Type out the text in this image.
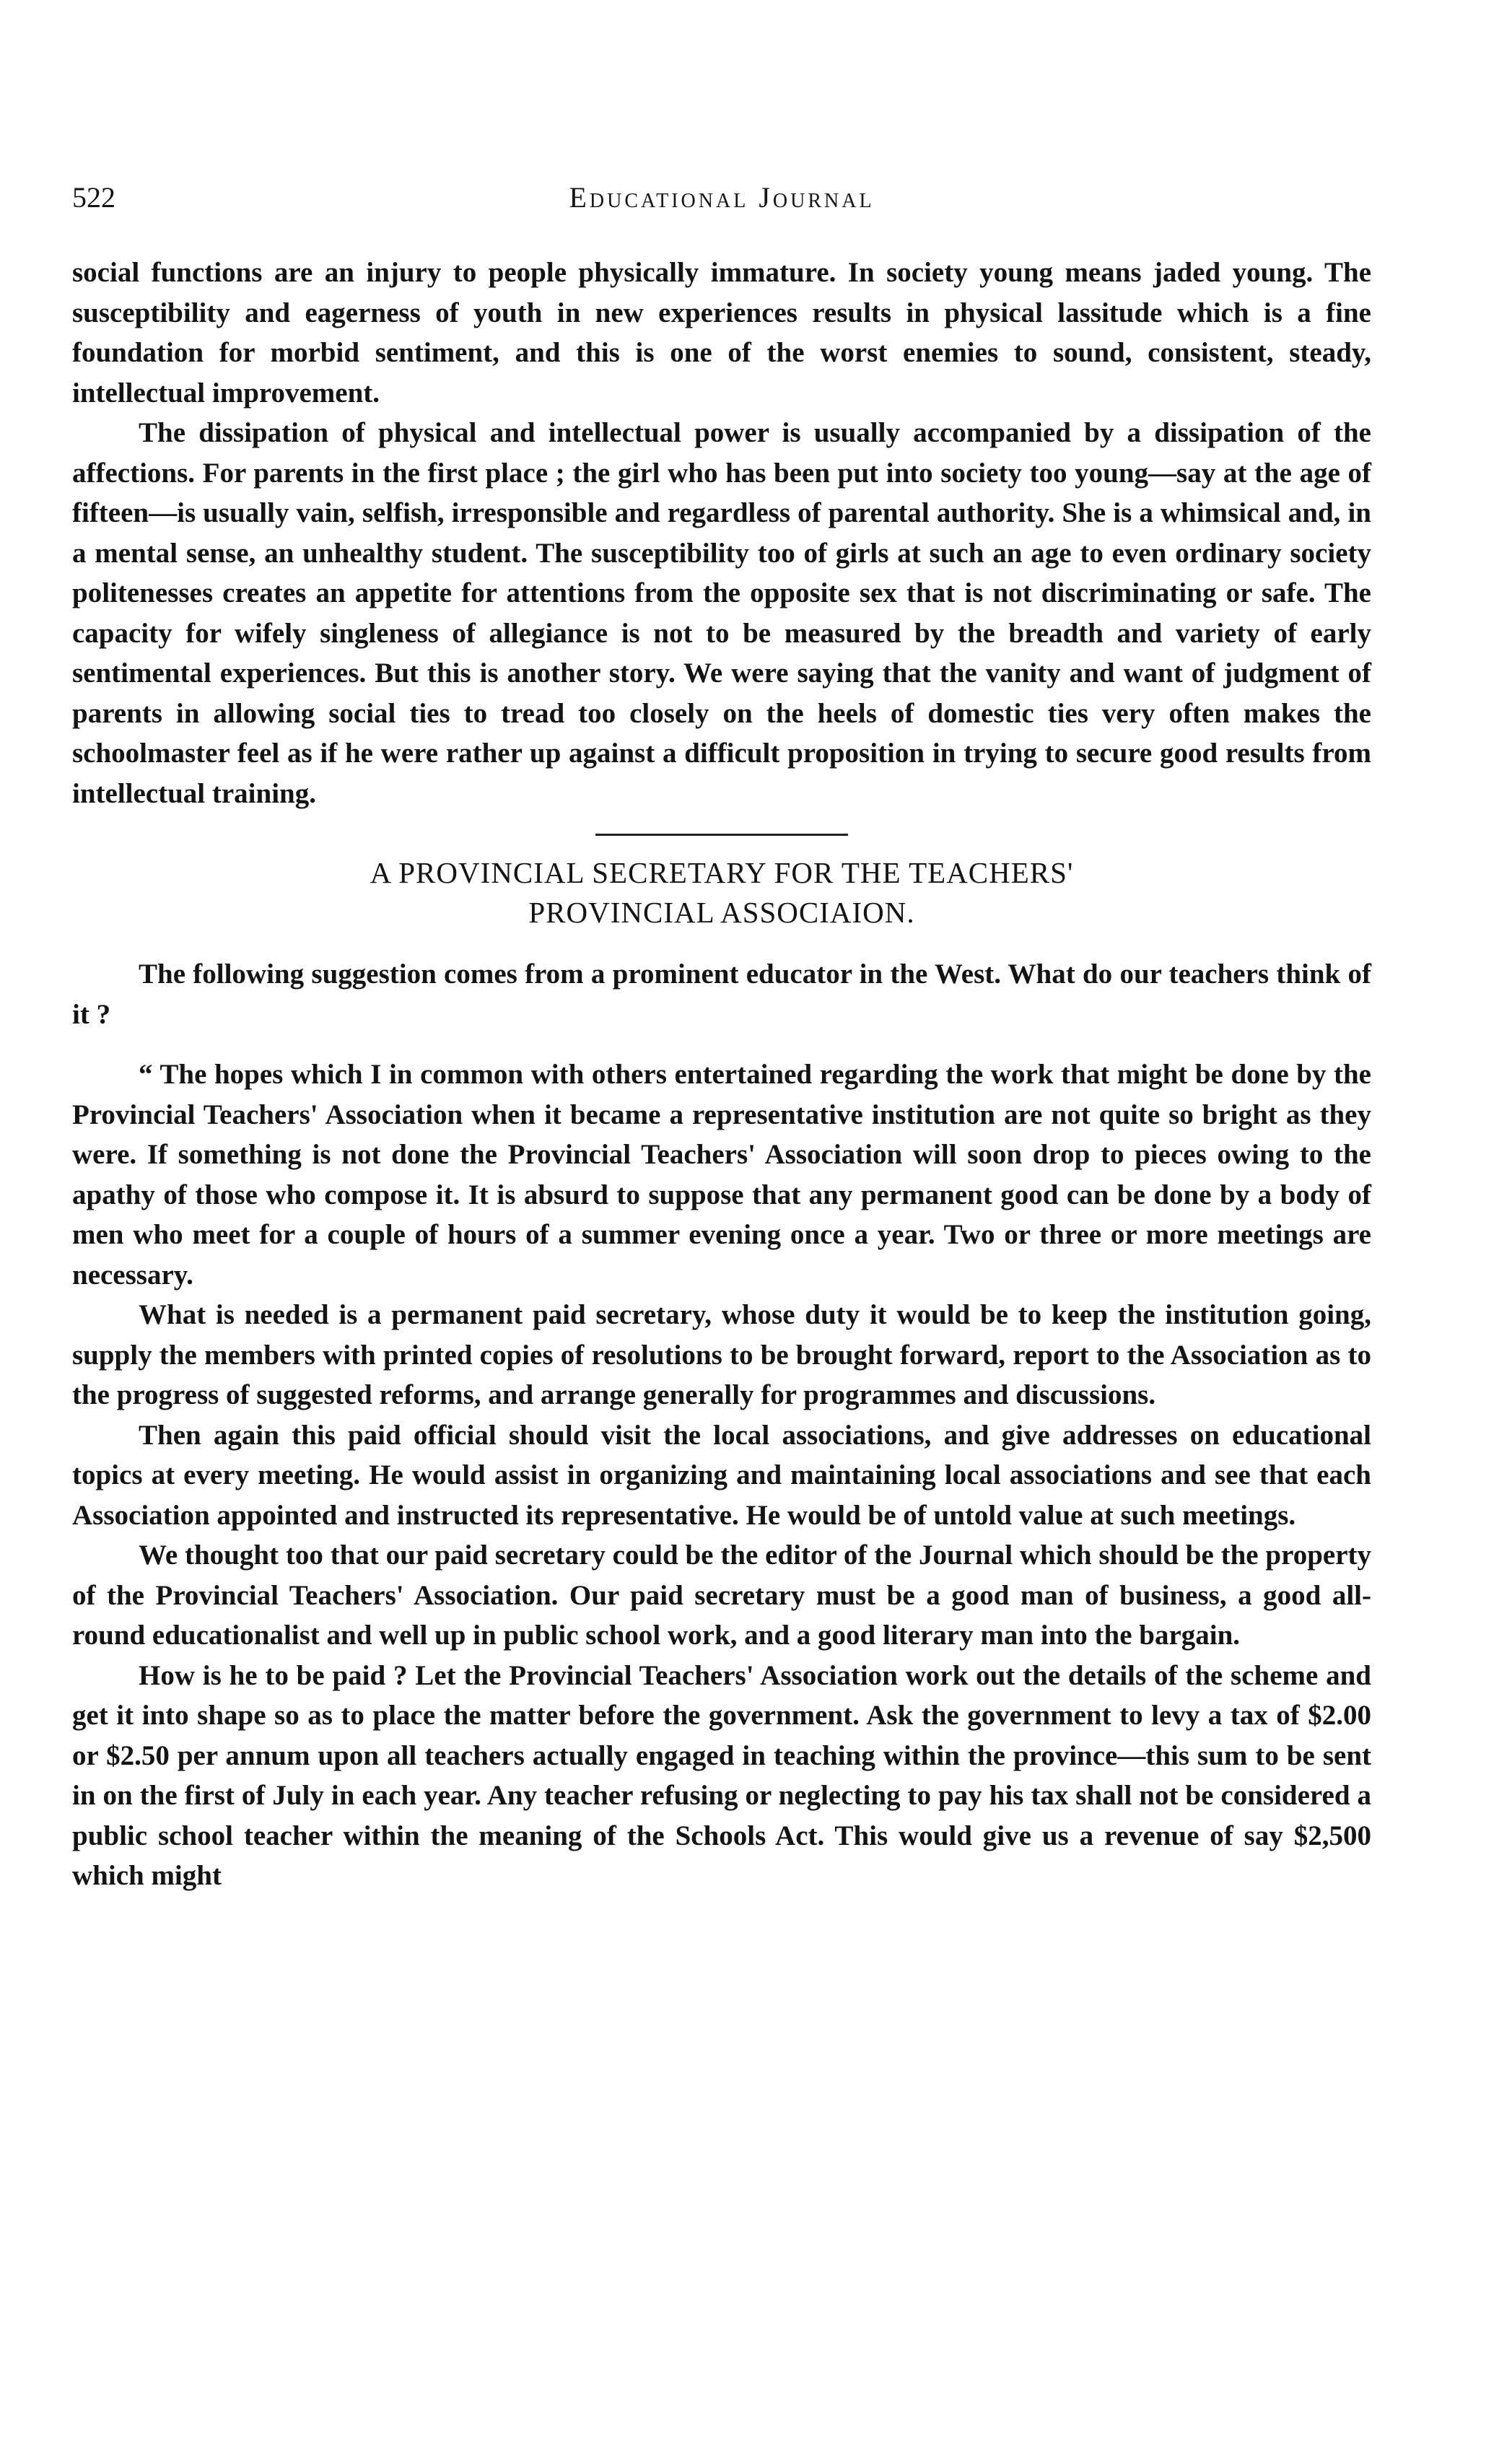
522	Educational Journal

social functions are an injury to people physically immature. In society young means jaded young. The susceptibility and eagerness of youth in new experiences results in physical lassitude which is a fine foundation for morbid sentiment, and this is one of the worst enemies to sound, consistent, steady, intellectual improvement.

The dissipation of physical and intellectual power is usually accompanied by a dissipation of the affections. For parents in the first place ; the girl who has been put into society too young—say at the age of fifteen—is usually vain, selfish, irresponsible and regardless of parental authority. She is a whimsical and, in a mental sense, an unhealthy student. The susceptibility too of girls at such an age to even ordinary society politenesses creates an appetite for attentions from the opposite sex that is not discriminating or safe. The capacity for wifely singleness of allegiance is not to be measured by the breadth and variety of early sentimental experiences. But this is another story. We were saying that the vanity and want of judgment of parents in allowing social ties to tread too closely on the heels of domestic ties very often makes the schoolmaster feel as if he were rather up against a difficult proposition in trying to secure good results from intellectual training.

A PROVINCIAL SECRETARY FOR THE TEACHERS'
PROVINCIAL ASSOCIAION.

The following suggestion comes from a prominent educator in the West. What do our teachers think of it ?

“ The hopes which I in common with others entertained regarding the work that might be done by the Provincial Teachers' Association when it became a representative institution are not quite so bright as they were. If something is not done the Provincial Teachers' Association will soon drop to pieces owing to the apathy of those who compose it. It is absurd to suppose that any permanent good can be done by a body of men who meet for a couple of hours of a summer evening once a year. Two or three or more meetings are necessary.

What is needed is a permanent paid secretary, whose duty it would be to keep the institution going, supply the members with printed copies of resolutions to be brought forward, report to the Association as to the progress of suggested reforms, and arrange generally for programmes and discussions.

Then again this paid official should visit the local associations, and give addresses on educational topics at every meeting. He would assist in organizing and maintaining local associations and see that each Association appointed and instructed its representative. He would be of untold value at such meetings.

We thought too that our paid secretary could be the editor of the Journal which should be the property of the Provincial Teachers' Association. Our paid secretary must be a good man of business, a good all-round educationalist and well up in public school work, and a good literary man into the bargain.

How is he to be paid ? Let the Provincial Teachers' Association work out the details of the scheme and get it into shape so as to place the matter before the government. Ask the government to levy a tax of $2.00 or $2.50 per annum upon all teachers actually engaged in teaching within the province—this sum to be sent in on the first of July in each year. Any teacher refusing or neglecting to pay his tax shall not be considered a public school teacher within the meaning of the Schools Act. This would give us a revenue of say $2,500 which might
